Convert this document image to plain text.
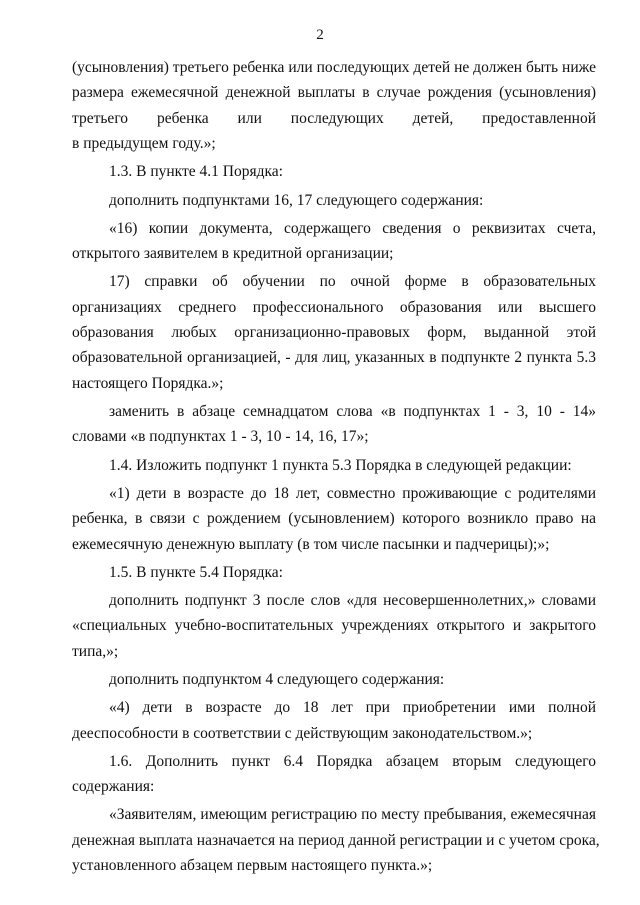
2
(усыновления) третьего ребенка или последующих детей не должен быть ниже
размера ежемесячной денежной выплаты в случае рождения (усыновления)
третьего ребенка или последующих детей, предоставленной
в предыдущем году.»;
1.3. В пункте 4.1 Порядка:
дополнить подпунктами 16, 17 следующего содержания:
«16) копии документа, содержащего сведения о реквизитах счета,
открытого заявителем в кредитной организации;
17) справки об обучении по очной форме в образовательных
организациях среднего профессионального образования или высшего
образования любых организационно-правовых форм, выданной этой
образовательной организацией, - для лиц, указанных в подпункте 2 пункта 5.3
настоящего Порядка.»;
заменить в абзаце семнадцатом слова «в подпунктах 1 - 3, 10 - 14»
словами «в подпунктах 1 - 3, 10 - 14, 16, 17»;
1.4. Изложить подпункт 1 пункта 5.3 Порядка в следующей редакции:
«1) дети в возрасте до 18 лет, совместно проживающие с родителями
ребенка, в связи с рождением (усыновлением) которого возникло право на
ежемесячную денежную выплату (в том числе пасынки и падчерицы);»;
1.5. В пункте 5.4 Порядка:
дополнить подпункт 3 после слов «для несовершеннолетних,» словами
«специальных учебно-воспитательных учреждениях открытого и закрытого
типа,»;
дополнить подпунктом 4 следующего содержания:
«4) дети в возрасте до 18 лет при приобретении ими полной
дееспособности в соответствии с действующим законодательством.»;
1.6. Дополнить пункт 6.4 Порядка абзацем вторым следующего
содержания:
«Заявителям, имеющим регистрацию по месту пребывания, ежемесячная
денежная выплата назначается на период данной регистрации и с учетом срока,
установленного абзацем первым настоящего пункта.»;
